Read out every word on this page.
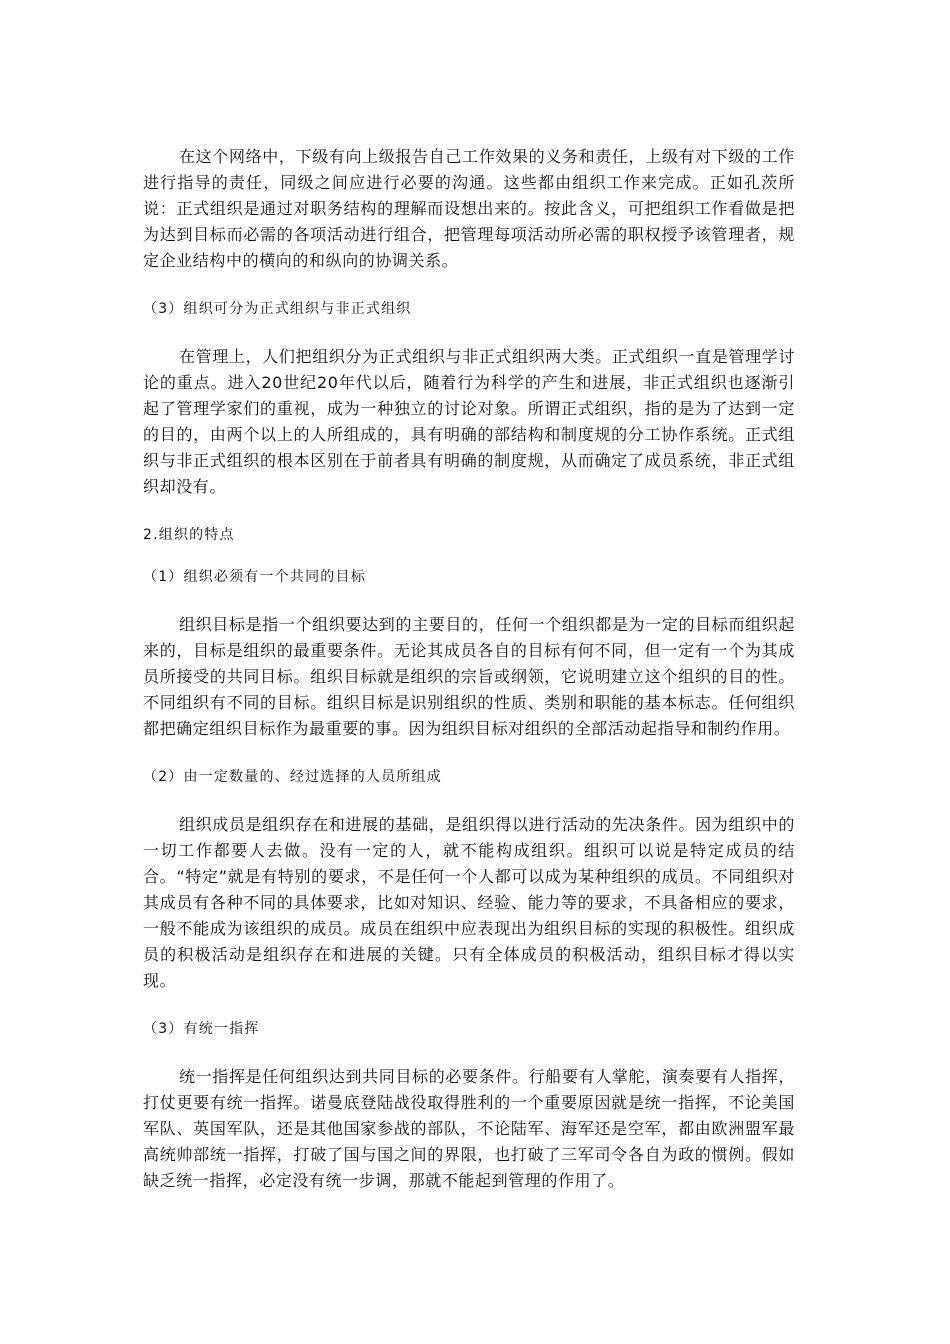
在这个网络中，下级有向上级报告自己工作效果的义务和责任，上级有对下级的工作进行指导的责任，同级之间应进行必要的沟通。这些都由组织工作来完成。正如孔茨所说：正式组织是通过对职务结构的理解而设想出来的。按此含义，可把组织工作看做是把为达到目标而必需的各项活动进行组合，把管理每项活动所必需的职权授予该管理者，规定企业结构中的横向的和纵向的协调关系。

（3）组织可分为正式组织与非正式组织

在管理上，人们把组织分为正式组织与非正式组织两大类。正式组织一直是管理学讨论的重点。进入20世纪20年代以后，随着行为科学的产生和进展，非正式组织也逐渐引起了管理学家们的重视，成为一种独立的讨论对象。所谓正式组织，指的是为了达到一定的目的，由两个以上的人所组成的，具有明确的部结构和制度规的分工协作系统。正式组织与非正式组织的根本区别在于前者具有明确的制度规，从而确定了成员系统，非正式组织却没有。

2.组织的特点

（1）组织必须有一个共同的目标

组织目标是指一个组织要达到的主要目的，任何一个组织都是为一定的目标而组织起来的，目标是组织的最重要条件。无论其成员各自的目标有何不同，但一定有一个为其成员所接受的共同目标。组织目标就是组织的宗旨或纲领，它说明建立这个组织的目的性。不同组织有不同的目标。组织目标是识别组织的性质、类别和职能的基本标志。任何组织都把确定组织目标作为最重要的事。因为组织目标对组织的全部活动起指导和制约作用。

（2）由一定数量的、经过选择的人员所组成

组织成员是组织存在和进展的基础，是组织得以进行活动的先决条件。因为组织中的一切工作都要人去做。没有一定的人，就不能构成组织。组织可以说是特定成员的结合。“特定”就是有特别的要求，不是任何一个人都可以成为某种组织的成员。不同组织对其成员有各种不同的具体要求，比如对知识、经验、能力等的要求，不具备相应的要求，一般不能成为该组织的成员。成员在组织中应表现出为组织目标的实现的积极性。组织成员的积极活动是组织存在和进展的关键。只有全体成员的积极活动，组织目标才得以实现。

（3）有统一指挥

统一指挥是任何组织达到共同目标的必要条件。行船要有人掌舵，演奏要有人指挥，打仗更要有统一指挥。诺曼底登陆战役取得胜利的一个重要原因就是统一指挥，不论美国军队、英国军队，还是其他国家参战的部队，不论陆军、海军还是空军，都由欧洲盟军最高统帅部统一指挥，打破了国与国之间的界限，也打破了三军司令各自为政的惯例。假如缺乏统一指挥，必定没有统一步调，那就不能起到管理的作用了。
